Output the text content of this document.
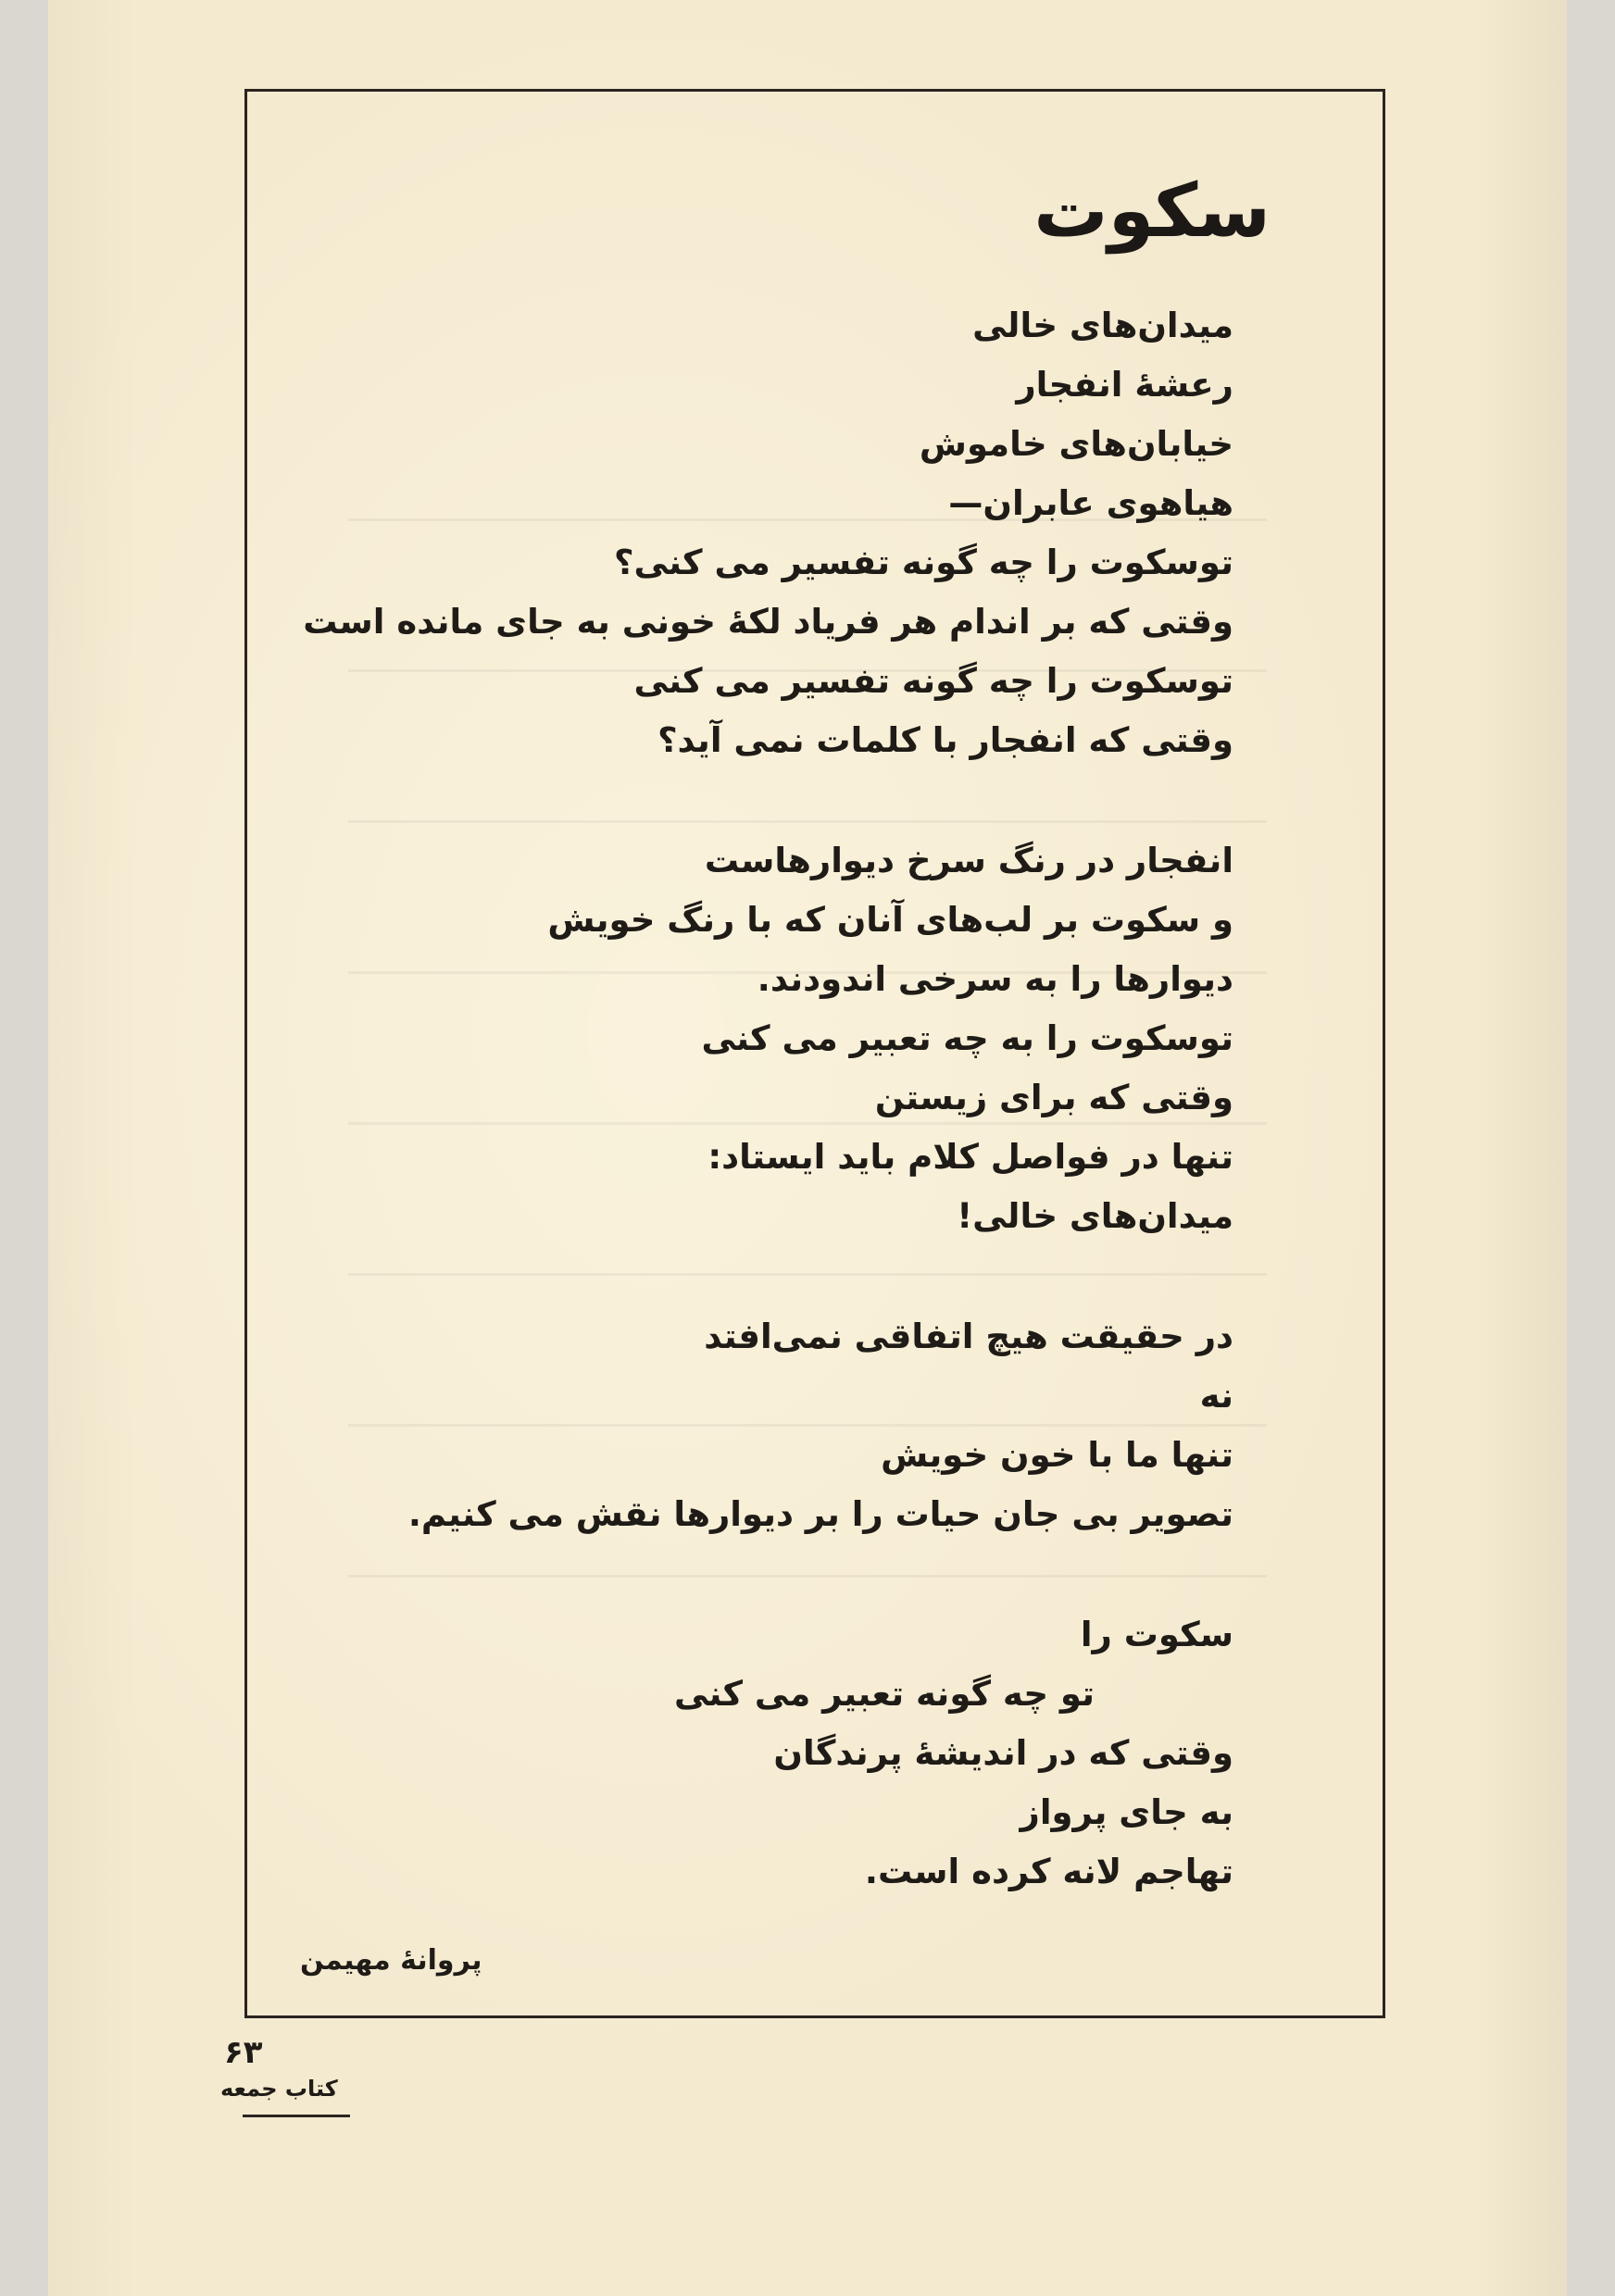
سکوت
میدان‌های خالی
رعشهٔ انفجار
خیابان‌های خاموش
هیاهوی عابران—
توسکوت را چه گونه تفسیر می کنی؟
وقتی که بر اندام هر فریاد لکهٔ خونی به جای مانده است
توسکوت را چه گونه تفسیر می کنی
وقتی که انفجار با کلمات نمی آید؟
انفجار در رنگ سرخ دیوارهاست
و سکوت بر لب‌های آنان که با رنگ خویش
دیوارها را به سرخی اندودند.
توسکوت را به چه تعبیر می کنی
وقتی که برای زیستن
تنها در فواصل کلام باید ایستاد:
میدان‌های خالی!
در حقیقت هیچ اتفاقی نمی‌افتد
نه
تنها ما با خون خویش
تصویر بی جان حیات را بر دیوارها نقش می کنیم.
سکوت را
تو چه گونه تعبیر می کنی
وقتی که در اندیشهٔ پرندگان
به جای پرواز
تهاجم لانه کرده است.
پروانهٔ مهیمن
۶۳
کتاب جمعه
